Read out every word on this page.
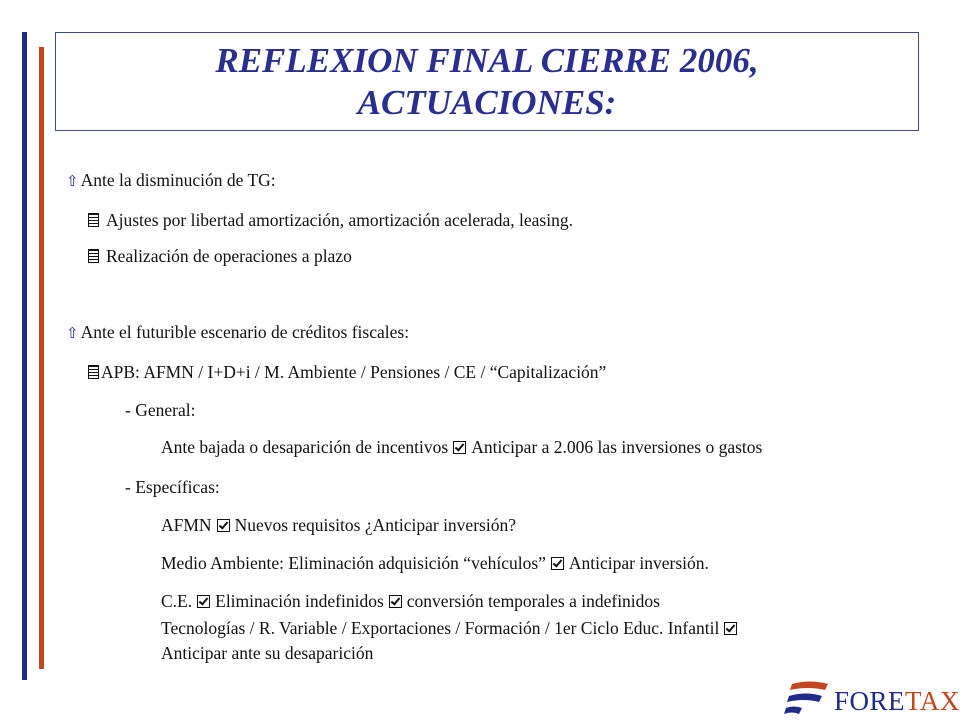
REFLEXION FINAL CIERRE 2006,
ACTUACIONES:
⇧ Ante la disminución de TG:
Ajustes por libertad amortización, amortización acelerada, leasing.
Realización de operaciones a plazo
⇧ Ante el futurible escenario de créditos fiscales:
APB: AFMN / I+D+i / M. Ambiente / Pensiones / CE / “Capitalización”
- General:
Ante bajada o desaparición de incentivos Anticipar a 2.006 las inversiones o gastos
- Específicas:
AFMN Nuevos requisitos ¿Anticipar inversión?
Medio Ambiente: Eliminación adquisición “vehículos” Anticipar inversión.
C.E. Eliminación indefinidos conversión temporales a indefinidos
Tecnologías / R. Variable / Exportaciones / Formación / 1er Ciclo Educ. Infantil
Anticipar ante su desaparición
FORETAX
